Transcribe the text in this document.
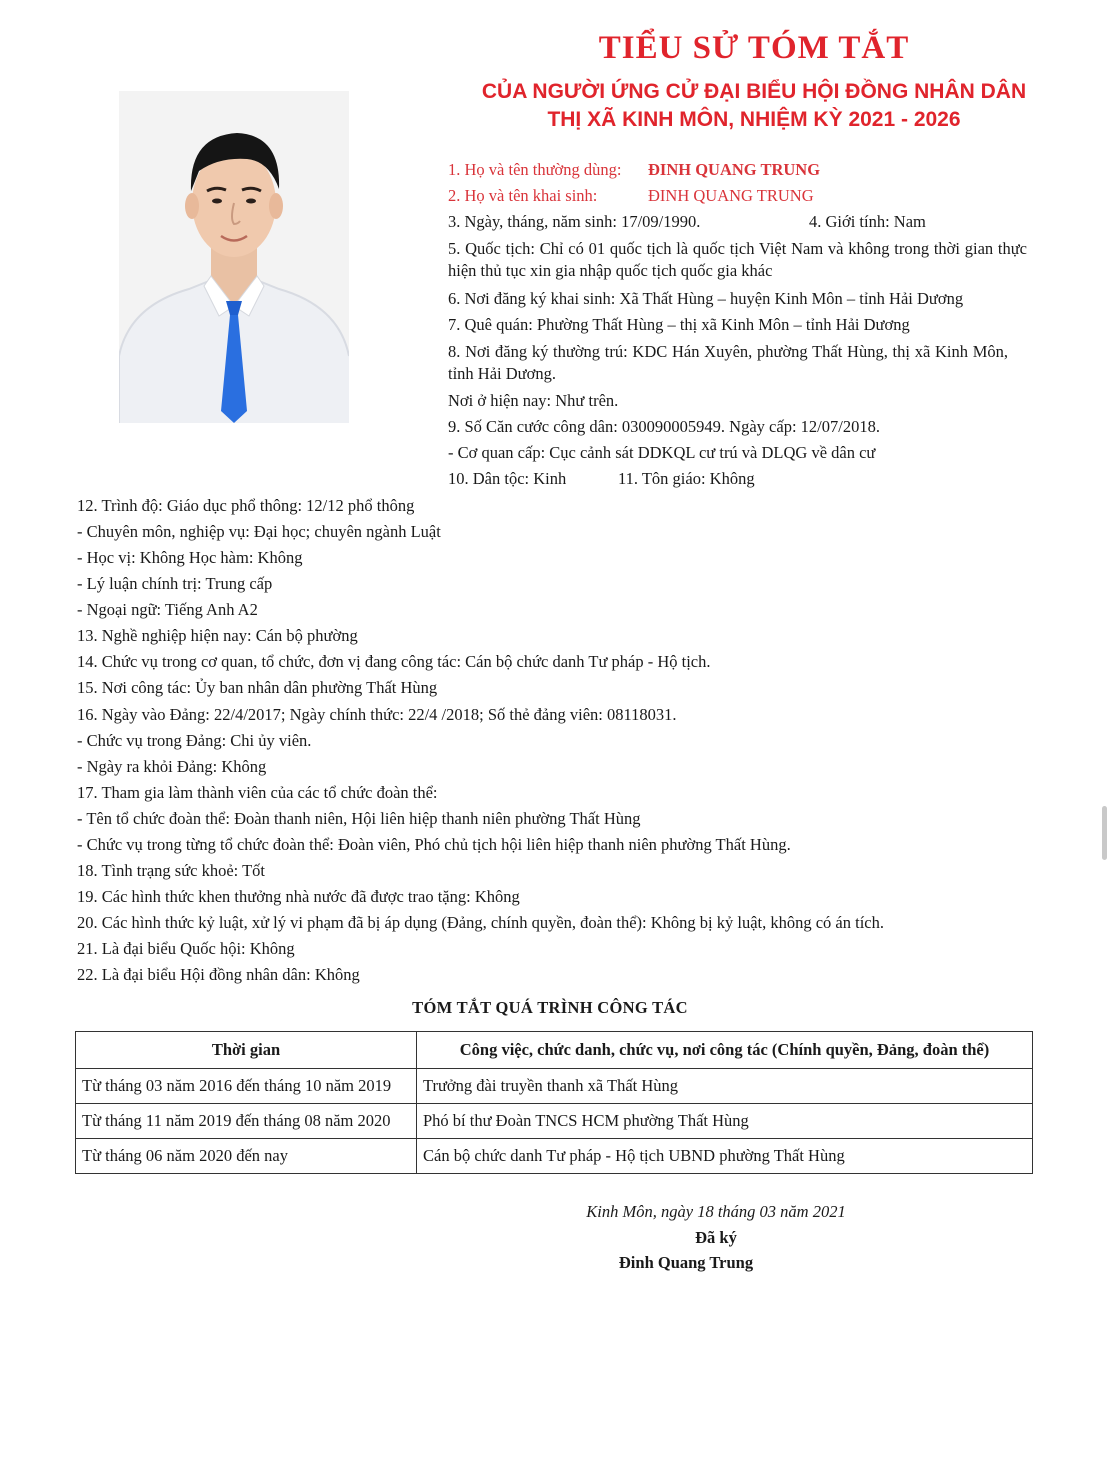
TIỂU SỬ TÓM TẮT
CỦA NGƯỜI ỨNG CỬ ĐẠI BIỂU HỘI ĐỒNG NHÂN DÂN
THỊ XÃ KINH MÔN, NHIỆM KỲ 2021 - 2026
1. Họ và tên thường dùng: ĐINH QUANG TRUNG
2. Họ và tên khai sinh:	ĐINH QUANG TRUNG
3. Ngày, tháng, năm sinh: 17/09/1990.	4. Giới tính: Nam
5. Quốc tịch: Chỉ có 01 quốc tịch là quốc tịch Việt Nam và không trong thời gian thực hiện thủ tục xin gia nhập quốc tịch quốc gia khác
6. Nơi đăng ký khai sinh: Xã Thất Hùng – huyện Kinh Môn – tỉnh Hải Dương
7. Quê quán: Phường Thất Hùng – thị xã Kinh Môn – tỉnh Hải Dương
8. Nơi đăng ký thường trú: KDC Hán Xuyên, phường Thất Hùng, thị xã Kinh Môn, tỉnh Hải Dương.
Nơi ở hiện nay: Như trên.
9. Số Căn cước công dân: 030090005949. Ngày cấp: 12/07/2018.
- Cơ quan cấp: Cục cảnh sát DDKQL cư trú và DLQG về dân cư
10. Dân tộc: Kinh	11. Tôn giáo: Không
12. Trình độ: Giáo dục phổ thông: 12/12 phổ thông
- Chuyên môn, nghiệp vụ: Đại học; chuyên ngành Luật
- Học vị: Không Học hàm: Không
- Lý luận chính trị: Trung cấp
- Ngoại ngữ: Tiếng Anh A2
13. Nghề nghiệp hiện nay: Cán bộ phường
14. Chức vụ trong cơ quan, tổ chức, đơn vị đang công tác: Cán bộ chức danh Tư pháp - Hộ tịch.
15. Nơi công tác: Ủy ban nhân dân phường Thất Hùng
16. Ngày vào Đảng: 22/4/2017; Ngày chính thức: 22/4 /2018; Số thẻ đảng viên: 08118031.
- Chức vụ trong Đảng: Chi ủy viên.
- Ngày ra khỏi Đảng: Không
17. Tham gia làm thành viên của các tổ chức đoàn thể:
- Tên tổ chức đoàn thể: Đoàn thanh niên, Hội liên hiệp thanh niên phường Thất Hùng
- Chức vụ trong từng tổ chức đoàn thể: Đoàn viên, Phó chủ tịch hội liên hiệp thanh niên phường Thất Hùng.
18. Tình trạng sức khoẻ: Tốt
19. Các hình thức khen thưởng nhà nước đã được trao tặng: Không
20. Các hình thức kỷ luật, xử lý vi phạm đã bị áp dụng (Đảng, chính quyền, đoàn thể): Không bị kỷ luật, không có án tích.
21. Là đại biểu Quốc hội: Không
22. Là đại biểu Hội đồng nhân dân: Không
TÓM TẮT QUÁ TRÌNH CÔNG TÁC
Thời gian	Công việc, chức danh, chức vụ, nơi công tác (Chính quyền, Đảng, đoàn thể)
Từ tháng 03 năm 2016 đến tháng 10 năm 2019	Trưởng đài truyền thanh xã Thất Hùng
Từ tháng 11 năm 2019 đến tháng 08 năm 2020	Phó bí thư Đoàn TNCS HCM phường Thất Hùng
Từ tháng 06 năm 2020 đến nay	Cán bộ chức danh Tư pháp - Hộ tịch UBND phường Thất Hùng
Kinh Môn, ngày 18 tháng 03 năm 2021
Đã ký
Đinh Quang Trung
